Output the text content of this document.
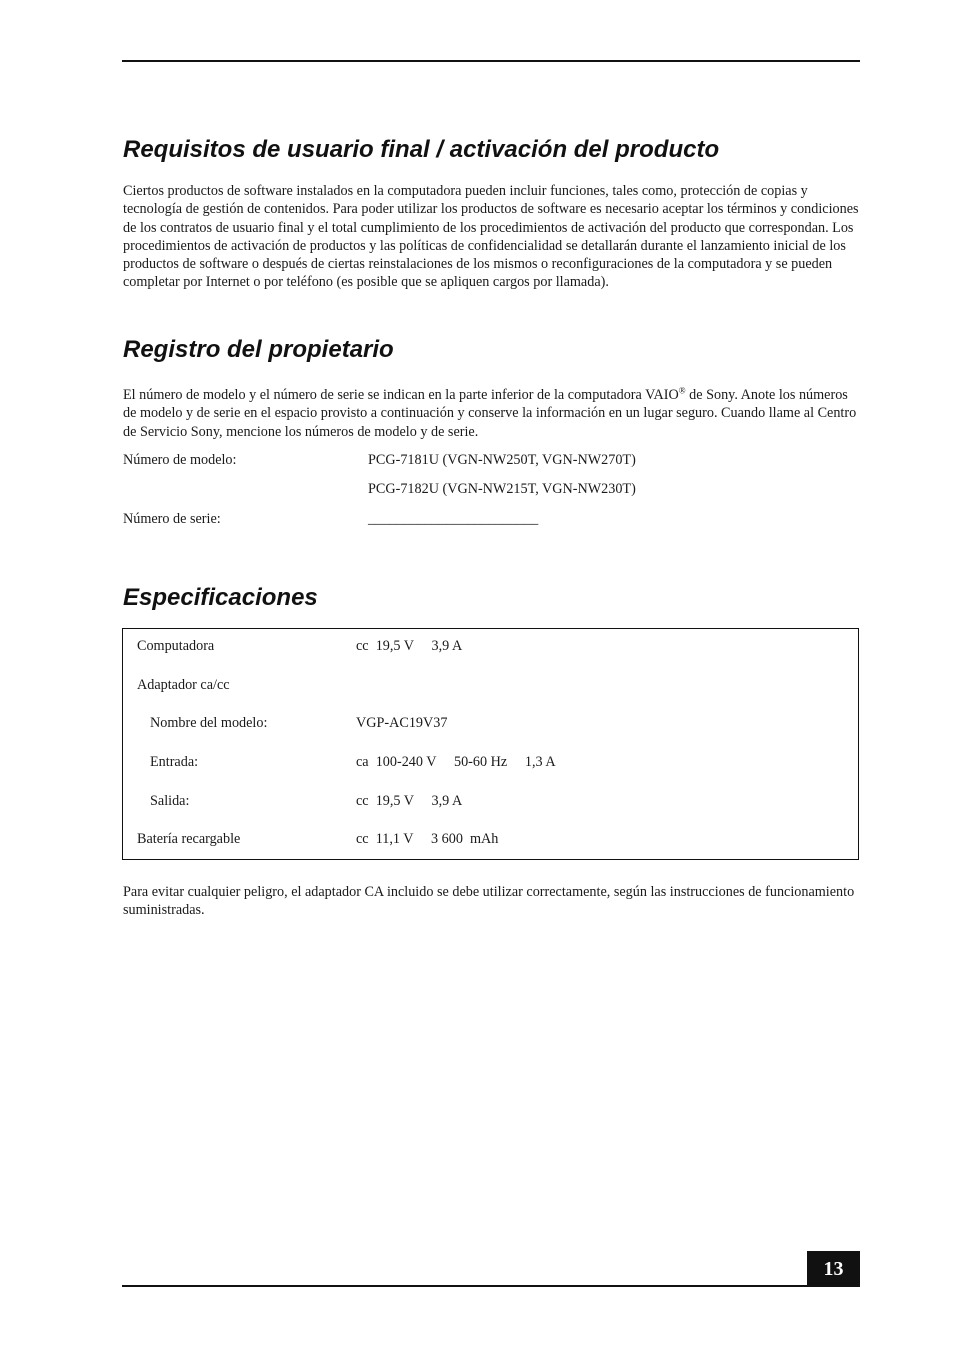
Requisitos de usuario final / activación del producto

Ciertos productos de software instalados en la computadora pueden incluir funciones, tales como, protección de copias y tecnología de gestión de contenidos. Para poder utilizar los productos de software es necesario aceptar los términos y condiciones de los contratos de usuario final y el total cumplimiento de los procedimientos de activación del producto que correspondan. Los procedimientos de activación de productos y las políticas de confidencialidad se detallarán durante el lanzamiento inicial de los productos de software o después de ciertas reinstalaciones de los mismos o reconfiguraciones de la computadora y se pueden completar por Internet o por teléfono (es posible que se apliquen cargos por llamada).

Registro del propietario

El número de modelo y el número de serie se indican en la parte inferior de la computadora VAIO® de Sony. Anote los números de modelo y de serie en el espacio provisto a continuación y conserve la información en un lugar seguro. Cuando llame al Centro de Servicio Sony, mencione los números de modelo y de serie.

Número de modelo:	PCG-7181U (VGN-NW250T, VGN-NW270T)
PCG-7182U (VGN-NW215T, VGN-NW230T)
Número de serie:	________________________
Especificaciones
Computadora	cc  19,5 V     3,9 A
Adaptador ca/cc
Nombre del modelo:	VGP-AC19V37
Entrada:	ca  100-240 V     50-60 Hz     1,3 A
Salida:	cc  19,5 V     3,9 A
Batería recargable	cc  11,1 V     3 600  mAh

Para evitar cualquier peligro, el adaptador CA incluido se debe utilizar correctamente, según las instrucciones de funcionamiento suministradas.

13
